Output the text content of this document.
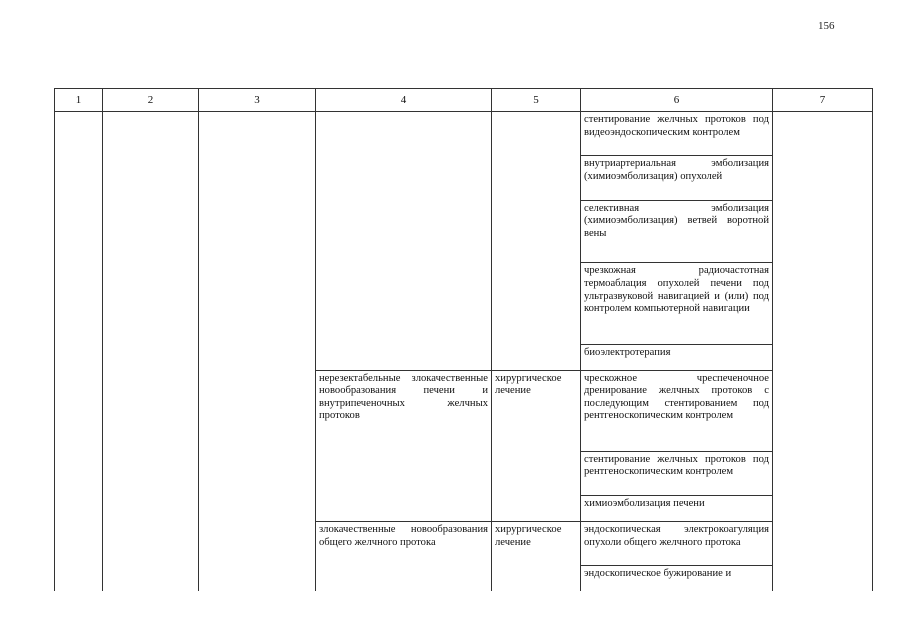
156
1	2	3	4	5	6	7
					стентирование желчных протоков под видеоэндоскопическим контролем	
					внутриартериальная эмболизация (химиоэмболизация) опухолей	
					селективная эмболизация (химиоэмболизация) ветвей воротной вены	
					чрезкожная радиочастотная термоаблация опухолей печени под ультразвуковой навигацией и (или) под контролем компьютерной навигации	
					биоэлектротерапия	
			нерезектабельные злокачественные новообразования печени и внутрипеченочных желчных протоков	хирургическое лечение	чрескожное чреспеченочное дренирование желчных протоков с последующим стентированием под рентгеноскопическим контролем	
					стентирование желчных протоков под рентгеноскопическим контролем	
					химиоэмболизация печени	
			злокачественные новообразования общего желчного протока	хирургическое лечение	эндоскопическая электрокоагуляция опухоли общего желчного протока	
					эндоскопическое бужирование и	
